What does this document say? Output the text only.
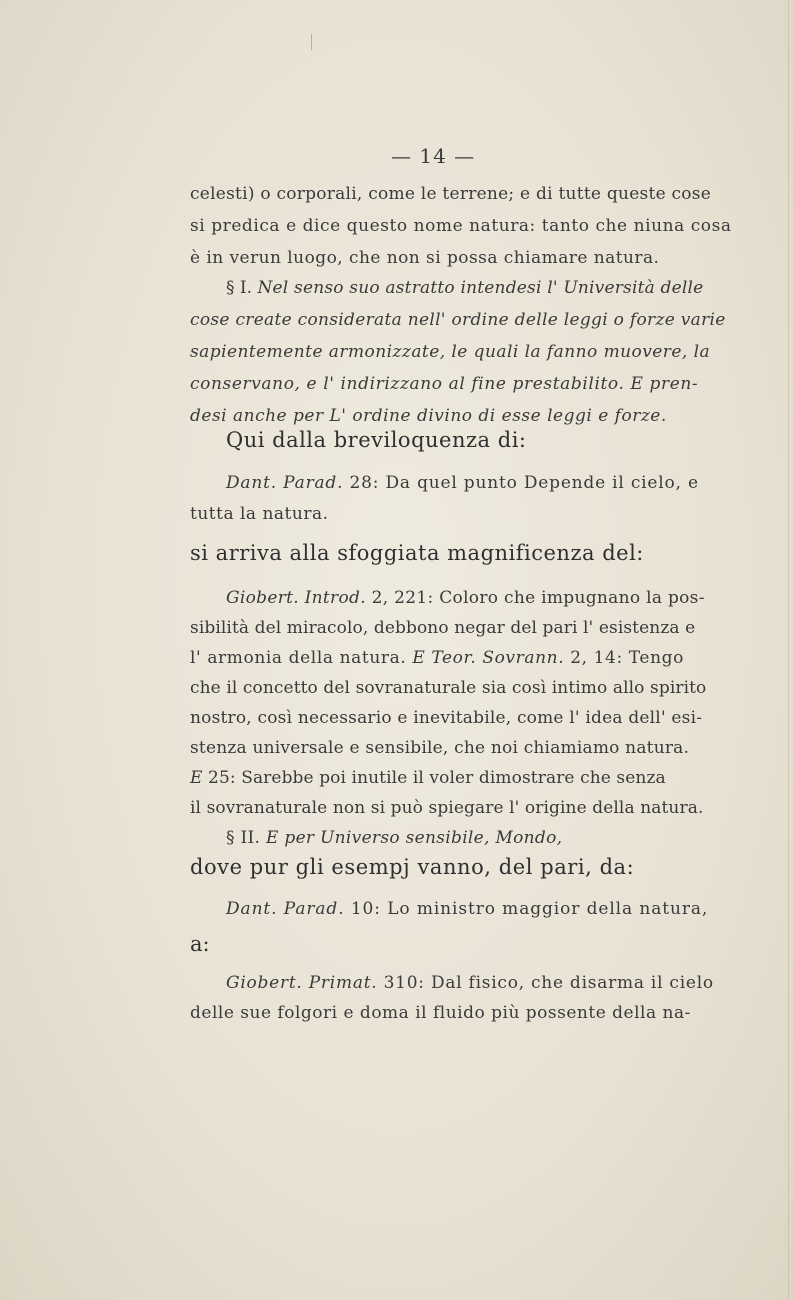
— 14 —
celesti) o corporali, come le terrene; e di tutte queste cose
si predica e dice questo nome natura: tanto che niuna cosa
è in verun luogo, che non si possa chiamare natura.
§ I. Nel senso suo astratto intendesi l' Università delle
cose create considerata nell' ordine delle leggi o forze varie
sapientemente armonizzate, le quali la fanno muovere, la
conservano, e l' indirizzano al fine prestabilito. E pren-
desi anche per L' ordine divino di esse leggi e forze.
Qui dalla breviloquenza di:
Dant. Parad. 28: Da quel punto Depende il cielo, e
tutta la natura.
si arriva alla sfoggiata magnificenza del:
Giobert. Introd. 2, 221: Coloro che impugnano la pos-
sibilità del miracolo, debbono negar del pari l' esistenza e
l' armonia della natura. E Teor. Sovrann. 2, 14: Tengo
che il concetto del sovranaturale sia così intimo allo spirito
nostro, così necessario e inevitabile, come l' idea dell' esi-
stenza universale e sensibile, che noi chiamiamo natura.
E 25: Sarebbe poi inutile il voler dimostrare che senza
il sovranaturale non si può spiegare l' origine della natura.
§ II. E per Universo sensibile, Mondo,
dove pur gli esempj vanno, del pari, da:
Dant. Parad. 10: Lo ministro maggior della natura,
a:
Giobert. Primat. 310: Dal fisico, che disarma il cielo
delle sue folgori e doma il fluido più possente della na-
